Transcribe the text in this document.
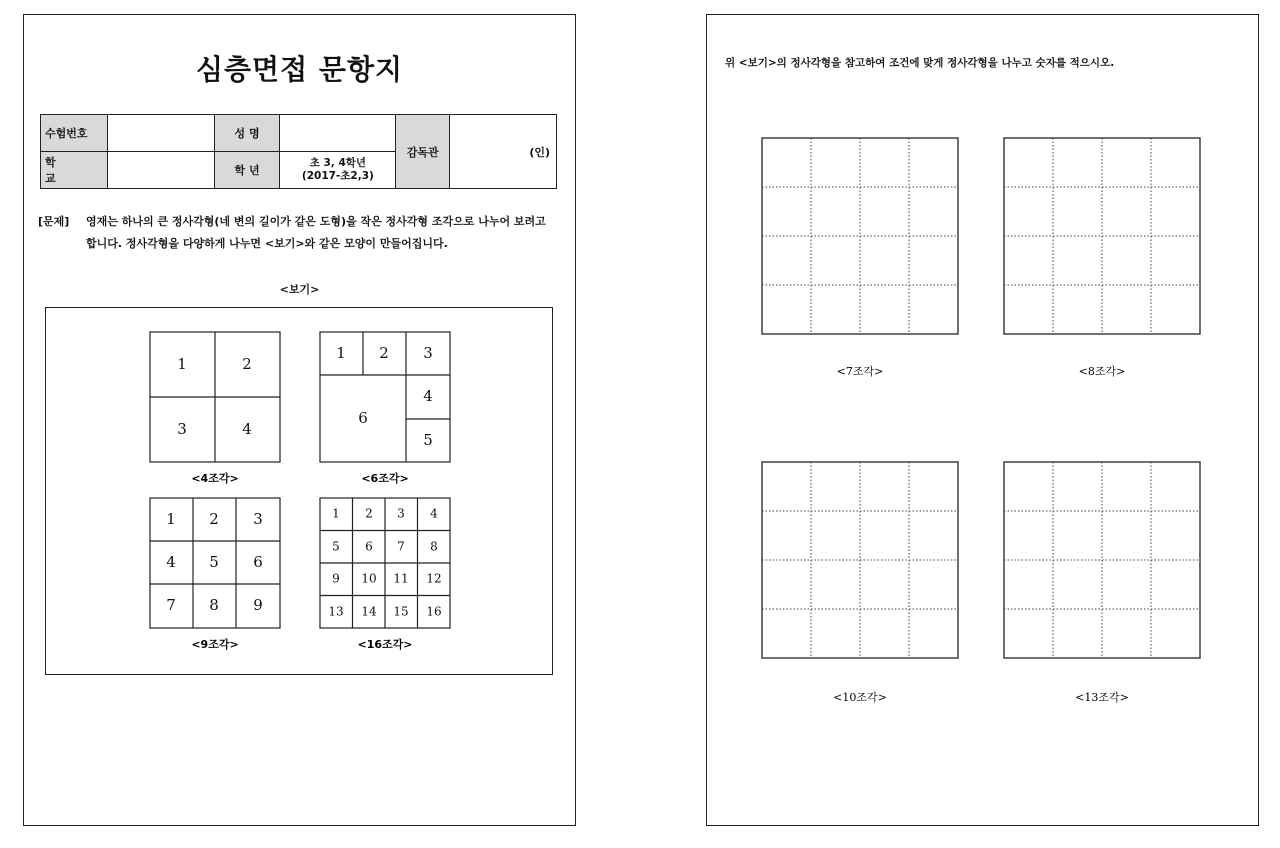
심층면접 문항지
수험번호		성 명		감독관	(인)
학 교		학 년	초 3, 4학년
(2017-초2,3)		
[문제] 영재는 하나의 큰 정사각형(네 변의 길이가 같은 도형)을 작은 정사각형 조각으로 나누어 보려고 합니다. 정사각형을 다양하게 나누면 <보기>와 같은 모양이 만들어집니다.
<보기>
1	2
3	4
1 2 3
4
5
6
1 2 3
4 5 6
7 8 9
1 2 3 4
5 6 7 8
9 10 11 12
13 14 15 16
<4조각>	<6조각>
<9조각>	<16조각>
위 <보기>의 정사각형을 참고하여 조건에 맞게 정사각형을 나누고 숫자를 적으시오.
<7조각>	<8조각>
<10조각>	<13조각>
